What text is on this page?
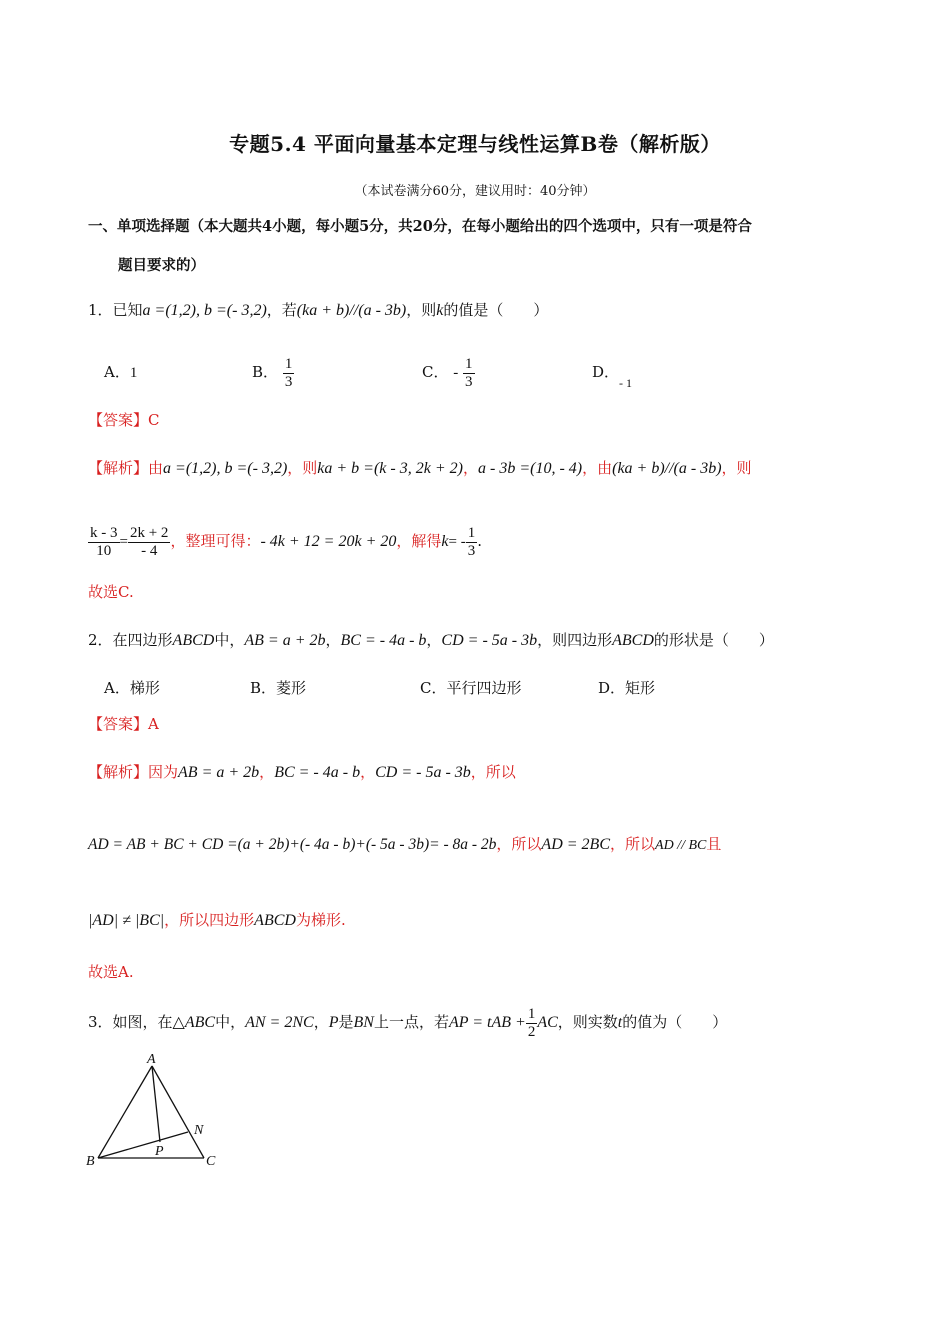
专题5.4 平面向量基本定理与线性运算B卷（解析版）
（本试卷满分60分，建议用时：40分钟）
一、单项选择题（本大题共4小题，每小题5分，共20分，在每小题给出的四个选项中，只有一项是符合
题目要求的）
1．已知a =(1,2), b =(- 3,2)，若(ka + b)//(a - 3b)，则k的值是（　　）
A．1	B． $\frac{1}{3}$	C． - $\frac{1}{3}$	D．$_{- 1}$
【答案】C
【解析】由a =(1,2), b =(- 3,2)，则ka + b =(k - 3, 2k + 2)，a - 3b =(10, - 4)，由(ka + b)//(a - 3b)，则
$\frac{k - 3}{10} = \frac{2k + 2}{- 4}$ ，整理可得：- 4k + 12 = 20k + 20，解得$k= - \frac{1}{3}$ .
故选C.
2．在四边形ABCD中，AB = a + 2b，BC = - 4a - b，CD = - 5a - 3b，则四边形ABCD的形状是（　　）
A．梯形	B．菱形	C．平行四边形	D．矩形
【答案】A
【解析】因为AB = a + 2b，BC = - 4a - b，CD = - 5a - 3b，所以
AD = AB + BC + CD =(a + 2b)+(- 4a - b)+(- 5a - 3b)= - 8a - 2b，所以AD = 2BC，所以AD // BC且
|AD| ≠ |BC|，所以四边形ABCD为梯形.
故选A.
3．如图，在△ABC中，AN = 2NC，P是BN上一点，若AP = tAB + $\frac{1}{2}$ AC，则实数t的值为（　　）
A
B	C
N
P
